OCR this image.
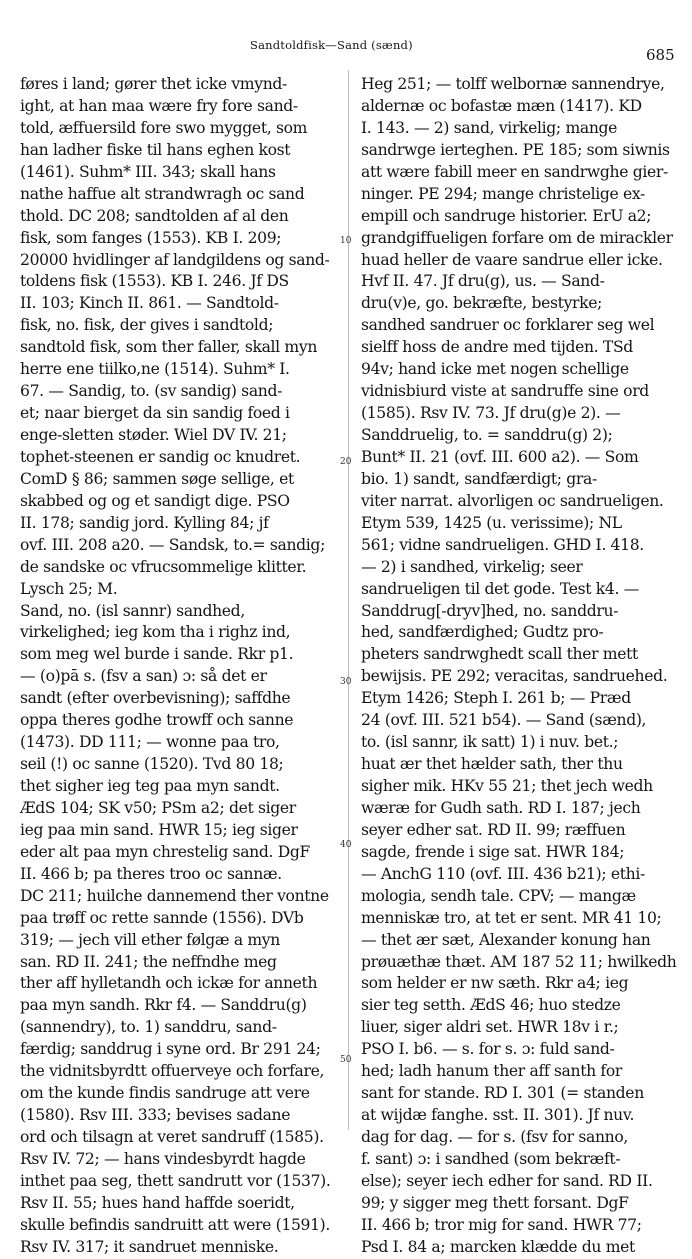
Sandtoldfisk—Sand (sænd)
685
føres i land; gører thet icke vmynd-
ight, at han maa wære fry fore sand-
told, æffuersild fore swo mygget, som
han ladher fiske til hans eghen kost
(1461). Suhm* III. 343; skall hans
nathe haffue alt strandwragh oc sand
thold. DC 208; sandtolden af al den
fisk, som fanges (1553). KB I. 209;
20000 hvidlinger af landgildens og sand-
toldens fisk (1553). KB I. 246. Jf DS
II. 103; Kinch II. 861. — Sandtold-
fisk, no. fisk, der gives i sandtold;
sandtold fisk, som ther faller, skall myn
herre ene tiilko,ne (1514). Suhm* I.
67. — Sandig, to. (sv sandig) sand-
et; naar bierget da sin sandig foed i
enge-sletten støder. Wiel DV IV. 21;
tophet-steenen er sandig oc knudret.
ComD § 86; sammen søge sellige, et
skabbed og og et sandigt dige. PSO
II. 178; sandig jord. Kylling 84; jf
ovf. III. 208 a20. — Sandsk, to.= sandig;
de sandske oc vfrucsommelige klitter.
Lysch 25; M.
Sand, no. (isl sannr) sandhed,
virkelighed; ieg kom tha i righz ind,
som meg wel burde i sande. Rkr p1.
— (o)pā s. (fsv a san) ɔ: så det er
sandt (efter overbevisning); saffdhe
oppa theres godhe trowff och sanne
(1473). DD 111; — wonne paa tro,
seil (!) oc sanne (1520). Tvd 80 18;
thet sigher ieg teg paa myn sandt.
ÆdS 104; SK v50; PSm a2; det siger
ieg paa min sand. HWR 15; ieg siger
eder alt paa myn chrestelig sand. DgF
II. 466 b; pa theres troo oc sannæ.
DC 211; huilche dannemend ther vontne
paa trøff oc rette sannde (1556). DVb
319; — jech vill ether følgæ a myn
san. RD II. 241; the neffndhe meg
ther aff hylletandh och ickæ for anneth
paa myn sandh. Rkr f4. — Sanddru(g)
(sannendry), to. 1) sanddru, sand-
færdig; sanddrug i syne ord. Br 291 24;
the vidnitsbyrdtt offuerveye och forfare,
om the kunde findis sandruge att vere
(1580). Rsv III. 333; bevises sadane
ord och tilsagn at veret sandruff (1585).
Rsv IV. 72; — hans vindesbyrdt hagde
inthet paa seg, thett sandrutt vor (1537).
Rsv II. 55; hues hand haffde soeridt,
skulle befindis sandruitt att were (1591).
Rsv IV. 317; it sandruet menniske.
Heg 251; — tolff welbornæ sannendrye,
aldernæ oc bofastæ mæn (1417). KD
I. 143. — 2) sand, virkelig; mange
sandrwge ierteghen. PE 185; som siwnis
att wære fabill meer en sandrwghe gier-
ninger. PE 294; mange christelige ex-
empill och sandruge historier. ErU a2;
grandgiffueligen forfare om de mirackler
huad heller de vaare sandrue eller icke.
Hvf II. 47. Jf dru(g), us. — Sand-
dru(v)e, go. bekræfte, bestyrke;
sandhed sandruer oc forklarer seg wel
sielff hoss de andre med tijden. TSd
94v; hand icke met nogen schellige
vidnisbiurd viste at sandruffe sine ord
(1585). Rsv IV. 73. Jf dru(g)e 2). —
Sanddruelig, to. = sanddru(g) 2);
Bunt* II. 21 (ovf. III. 600 a2). — Som
bio. 1) sandt, sandfærdigt; gra-
viter narrat. alvorligen oc sandrueligen.
Etym 539, 1425 (u. verissime); NL
561; vidne sandrueligen. GHD I. 418.
— 2) i sandhed, virkelig; seer
sandrueligen til det gode. Test k4. —
Sanddrug[-dryv]hed, no. sanddru-
hed, sandfærdighed; Gudtz pro-
pheters sandrwghedt scall ther mett
bewijsis. PE 292; veracitas, sandruehed.
Etym 1426; Steph I. 261 b; — Præd
24 (ovf. III. 521 b54). — Sand (sænd),
to. (isl sannr, ik satt) 1) i nuv. bet.;
huat ær thet hælder sath, ther thu
sigher mik. HKv 55 21; thet jech wedh
wæræ for Gudh sath. RD I. 187; jech
seyer edher sat. RD II. 99; ræffuen
sagde, frende i sige sat. HWR 184;
— AnchG 110 (ovf. III. 436 b21); ethi-
mologia, sendh tale. CPV; — mangæ
menniskæ tro, at tet er sent. MR 41 10;
— thet ær sæt, Alexander konung han
prøuæthæ thæt. AM 187 52 11; hwilkedh
som helder er nw sæth. Rkr a4; ieg
sier teg setth. ÆdS 46; huo stedze
liuer, siger aldri set. HWR 18v i r.;
PSO I. b6. — s. for s. ɔ: fuld sand-
hed; ladh hanum ther aff santh for
sant for stande. RD I. 301 (= standen
at wijdæ fanghe. sst. II. 301). Jf nuv.
dag for dag. — for s. (fsv for sanno,
f. sant) ɔ: i sandhed (som bekræft-
else); seyer iech edher for sand. RD II.
99; y sigger meg thett forsant. DgF
II. 466 b; tror mig for sand. HWR 77;
Psd I. 84 a; marcken klædde du met
10
20
30
40
50
